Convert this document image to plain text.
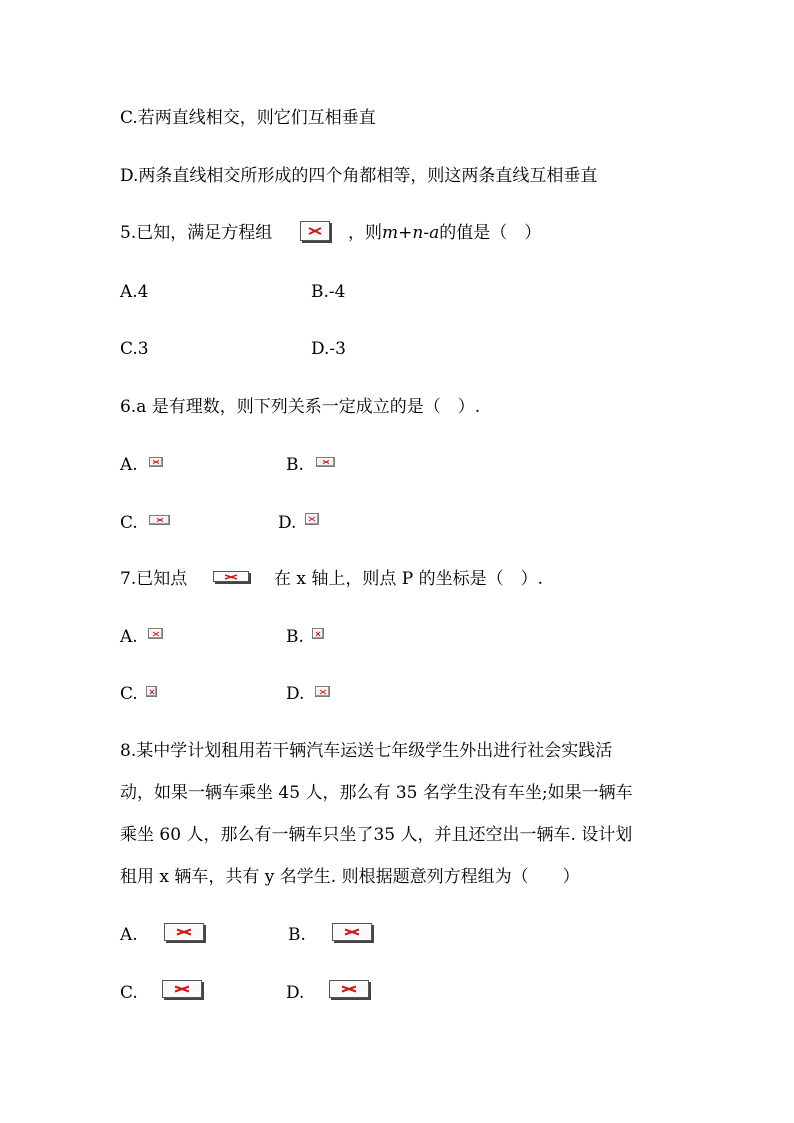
C.若两直线相交，则它们互相垂直
D.两条直线相交所形成的四个角都相等，则这两条直线互相垂直
5.已知，满足方程组	，则m+n-a的值是（　）
A.4	B.-4
C.3	D.-3
6.a 是有理数，则下列关系一定成立的是（　）.
A.	B.
C.	D.
7.已知点	在 x 轴上，则点 P 的坐标是（　）.
A.	B.
C.	D.
8.某中学计划租用若干辆汽车运送七年级学生外出进行社会实践活
动，如果一辆车乘坐 45 人，那么有 35 名学生没有车坐;如果一辆车
乘坐 60 人，那么有一辆车只坐了35 人，并且还空出一辆车. 设计划
租用 x 辆车，共有 y 名学生. 则根据题意列方程组为（　　）
A.	B.
C.	D.
